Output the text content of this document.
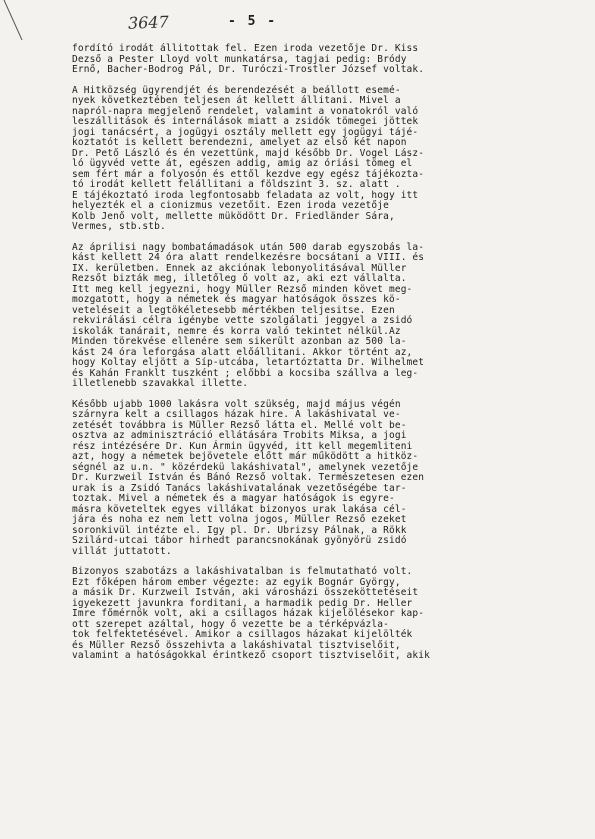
3647	- 5 -
fordító irodát állitottak fel. Ezen iroda vezetője Dr. Kiss
Dezső a Pester Lloyd volt munkatársa, tagjai pedig: Bródy
Ernő, Bacher-Bodrog Pál, Dr. Turóczi-Trostler József voltak.
A Hitközség ügyrendjét és berendezését a beállott esemé-
nyek következtében teljesen át kellett állitani. Mivel a
napról-napra megjelenő rendelet, valamint a vonatokról való
leszállitások és internálások miatt a zsidók tömegei jöttek
jogi tanácsért, a jogügyi osztály mellett egy jogügyi tájé-
koztatót is kellett berendezni, amelyet az első két napon
Dr. Pető László és én vezettünk, majd később Dr. Vogel Lász-
ló ügyvéd vette át, egészen addig, amig az óriási tömeg el
sem fért már a folyosón és ettől kezdve egy egész tájékozta-
tó irodát kellett felállitani a földszint 3. sz. alatt .
E tájékoztató iroda legfontosabb feladata az volt, hogy itt
helyezték el a cionizmus vezetőit. Ezen iroda vezetője
Kolb Jenő volt, mellette müködött Dr. Friedländer Sára,
Vermes, stb.stb.
Az áprilisi nagy bombatámadások után 500 darab egyszobás la-
kást kellett 24 óra alatt rendelkezésre bocsátani a VIII. és
IX. kerületben. Ennek az akciónak lebonyolitásával Müller
Rezsőt bizták meg, illetőleg ő volt az, aki ezt vállalta.
Itt meg kell jegyezni, hogy Müller Rezső minden követ meg-
mozgatott, hogy a németek és magyar hatóságok összes kö-
veteléseit a legtökéletesebb mértékben teljesitse. Ezen
rekvirálási célra igénybe vette szolgálati jeggyel a zsidó
iskolák tanárait, nemre és korra való tekintet nélkül.Az
Minden törekvése ellenére sem sikerült azonban az 500 la-
kást 24 óra leforgása alatt előállitani. Akkor történt az,
hogy Koltay eljött a Síp-utcába, letartóztatta Dr. Wilhelmet
és Kahán Franklt tuszként ; előbbi a kocsiba szállva a leg-
illetlenebb szavakkal illette.
Később ujabb 1000 lakásra volt szükség, majd május végén
szárnyra kelt a csillagos házak hire. A lakáshivatal ve-
zetését továbbra is Müller Rezső látta el. Mellé volt be-
osztva az adminisztráció ellátására Trobits Miksa, a jogi
rész intézésére Dr. Kun Ármin ügyvéd, itt kell megemliteni
azt, hogy a németek bejövetele előtt már működött a hitköz-
ségnél az u.n. " közérdekü lakáshivatal", amelynek vezetője
Dr. Kurzweil István és Bánó Rezső voltak. Természetesen ezen
urak is a Zsidó Tanács lakáshivatalának vezetőségébe tar-
toztak. Mivel a németek és a magyar hatóságok is egyre-
másra követeltek egyes villákat bizonyos urak lakása cél-
jára és noha ez nem lett volna jogos, Müller Rezső ezeket
soronkivül intézte el. Igy pl. Dr. Ubrizsy Pálnak, a Rökk
Szilárd-utcai tábor hirhedt parancsnokának gyönyörü zsidó
villát juttatott.
Bizonyos szabotázs a lakáshivatalban is felmutatható volt.
Ezt főképen három ember végezte: az egyik Bognár György,
a másik Dr. Kurzweil István, aki városházi összeköttetéseit
igyekezett javunkra forditani, a harmadik pedig Dr. Heller
Imre főmérnök volt, aki a csillagos házak kijelölésekor kap-
ott szerepet azáltal, hogy ő vezette be a térképvázla-
tok felfektetésével. Amikor a csillagos házakat kijelölték
és Müller Rezső összehivta a lakáshivatal tisztviselőit,
valamint a hatóságokkal érintkező csoport tisztviselőit, akik
